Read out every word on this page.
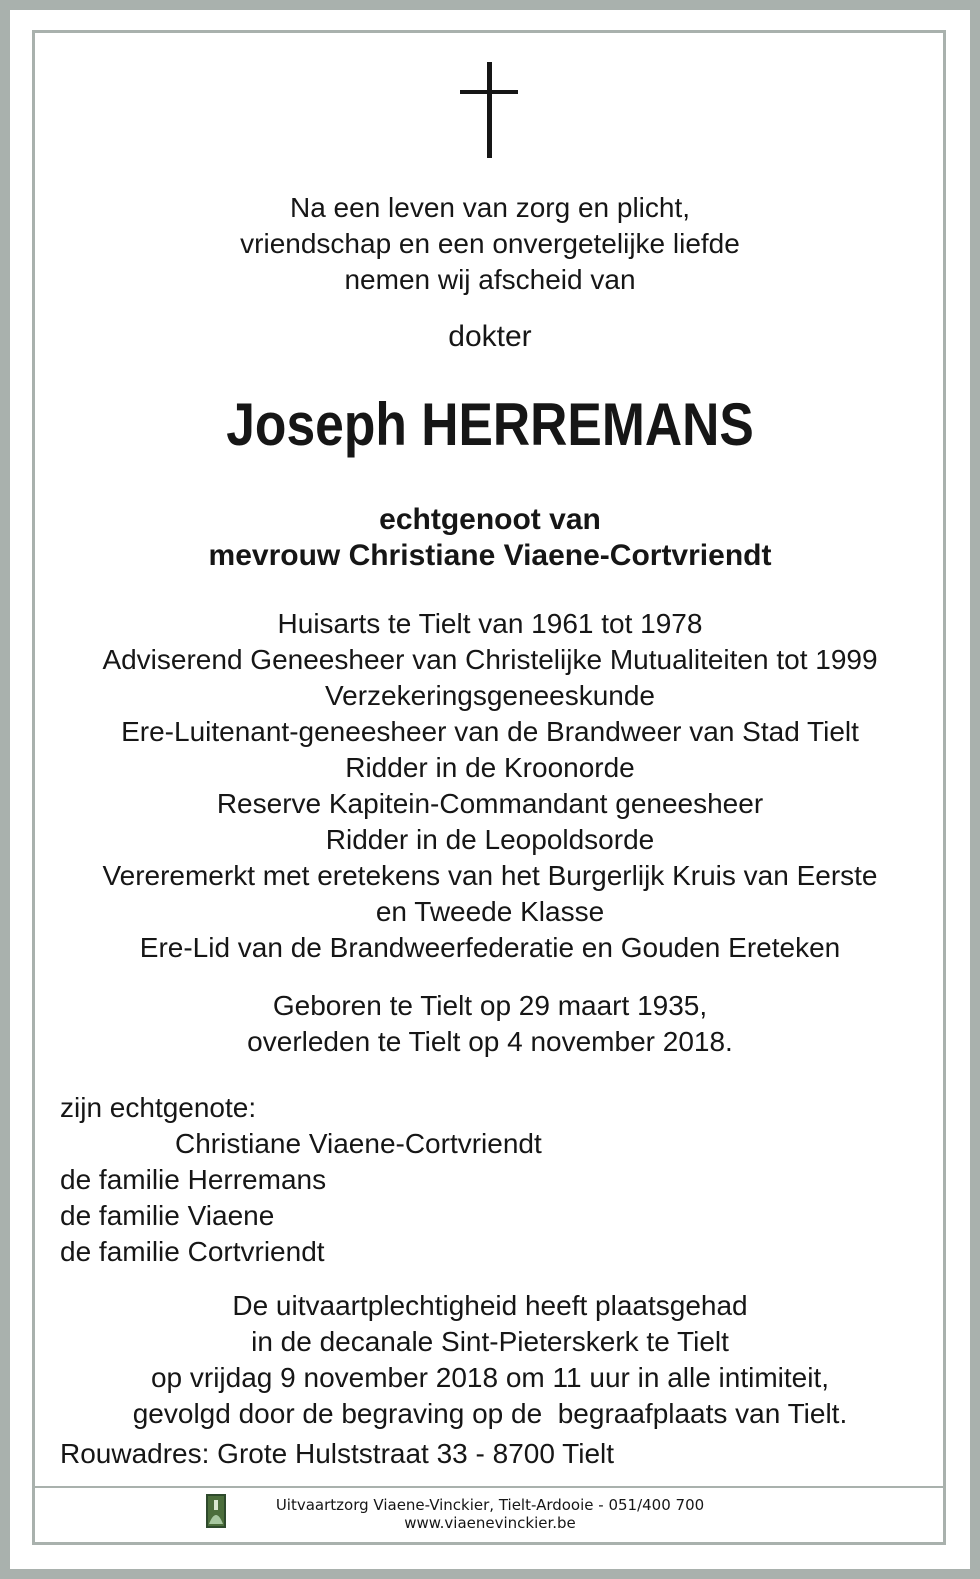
Na een leven van zorg en plicht,
vriendschap en een onvergetelijke liefde
nemen wij afscheid van
dokter
Joseph HERREMANS
echtgenoot van
mevrouw Christiane Viaene-Cortvriendt
Huisarts te Tielt van 1961 tot 1978
Adviserend Geneesheer van Christelijke Mutualiteiten tot 1999
Verzekeringsgeneeskunde
Ere-Luitenant-geneesheer van de Brandweer van Stad Tielt
Ridder in de Kroonorde
Reserve Kapitein-Commandant geneesheer
Ridder in de Leopoldsorde
Vereremerkt met eretekens van het Burgerlijk Kruis van Eerste
en Tweede Klasse
Ere-Lid van de Brandweerfederatie en Gouden Ereteken
Geboren te Tielt op 29 maart 1935,
overleden te Tielt op 4 november 2018.
zijn echtgenote:
Christiane Viaene-Cortvriendt
de familie Herremans
de familie Viaene
de familie Cortvriendt
De uitvaartplechtigheid heeft plaatsgehad
in de decanale Sint-Pieterskerk te Tielt
op vrijdag 9 november 2018 om 11 uur in alle intimiteit,
gevolgd door de begraving op de  begraafplaats van Tielt.
Rouwadres: Grote Hulststraat 33 - 8700 Tielt
Uitvaartzorg Viaene-Vinckier, Tielt-Ardooie - 051/400 700
www.viaenevinckier.be
